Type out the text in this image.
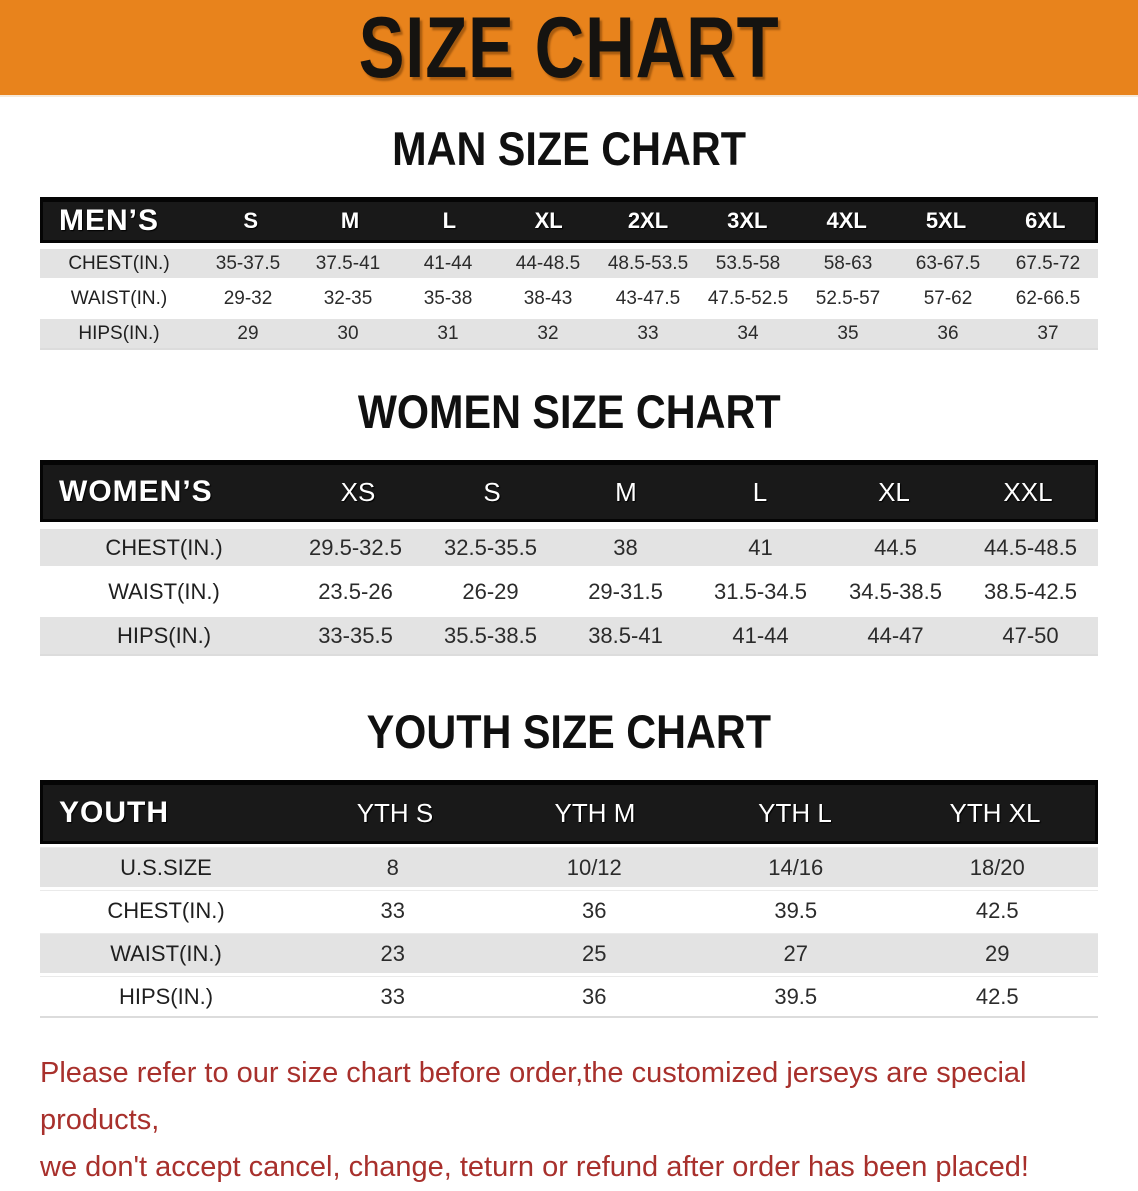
SIZE CHART
MAN SIZE CHART
MEN’S	S	M	L	XL	2XL	3XL	4XL	5XL	6XL
CHEST(IN.)	35-37.5	37.5-41	41-44	44-48.5	48.5-53.5	53.5-58	58-63	63-67.5	67.5-72
WAIST(IN.)	29-32	32-35	35-38	38-43	43-47.5	47.5-52.5	52.5-57	57-62	62-66.5
HIPS(IN.)	29	30	31	32	33	34	35	36	37
WOMEN SIZE CHART
WOMEN’S	XS	S	M	L	XL	XXL
CHEST(IN.)	29.5-32.5	32.5-35.5	38	41	44.5	44.5-48.5
WAIST(IN.)	23.5-26	26-29	29-31.5	31.5-34.5	34.5-38.5	38.5-42.5
HIPS(IN.)	33-35.5	35.5-38.5	38.5-41	41-44	44-47	47-50
YOUTH SIZE CHART
YOUTH	YTH S	YTH M	YTH L	YTH XL
U.S.SIZE	8	10/12	14/16	18/20
CHEST(IN.)	33	36	39.5	42.5
WAIST(IN.)	23	25	27	29
HIPS(IN.)	33	36	39.5	42.5

Please refer to our size chart before order,the customized jerseys are special products,

we don't accept cancel, change, teturn or refund after order has been placed!
